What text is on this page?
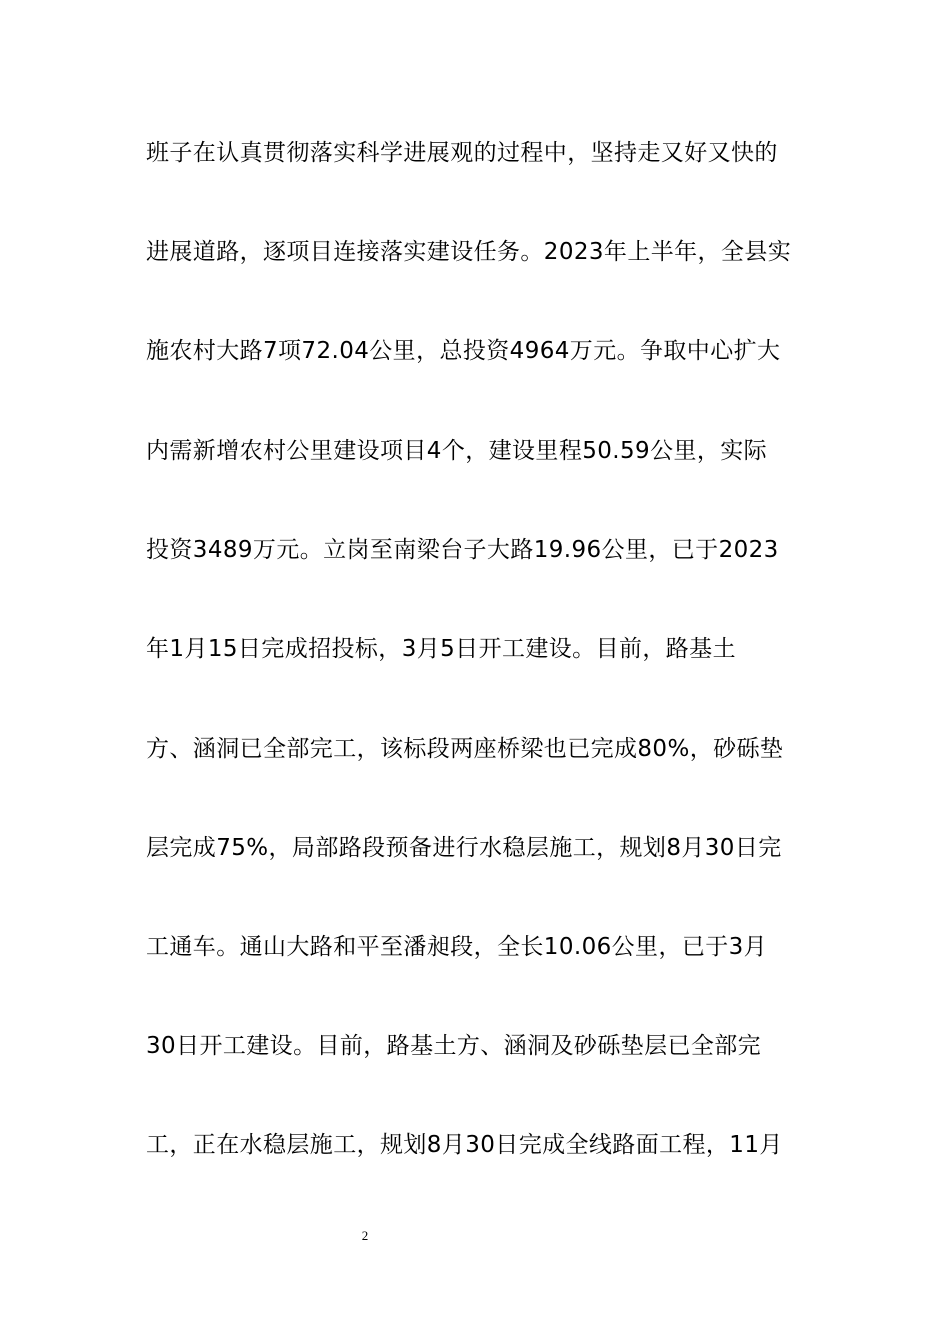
班子在认真贯彻落实科学进展观的过程中，坚持走又好又快的
进展道路，逐项目连接落实建设任务。2023年上半年，全县实
施农村大路7项72.04公里，总投资4964万元。争取中心扩大
内需新增农村公里建设项目4个，建设里程50.59公里，实际
投资3489万元。立岗至南梁台子大路19.96公里，已于2023
年1月15日完成招投标，3月5日开工建设。目前，路基土
方、涵洞已全部完工，该标段两座桥梁也已完成80%，砂砾垫
层完成75%，局部路段预备进行水稳层施工，规划8月30日完
工通车。通山大路和平至潘昶段，全长10.06公里，已于3月
30日开工建设。目前，路基土方、涵洞及砂砾垫层已全部完
工，正在水稳层施工，规划8月30日完成全线路面工程，11月
2
